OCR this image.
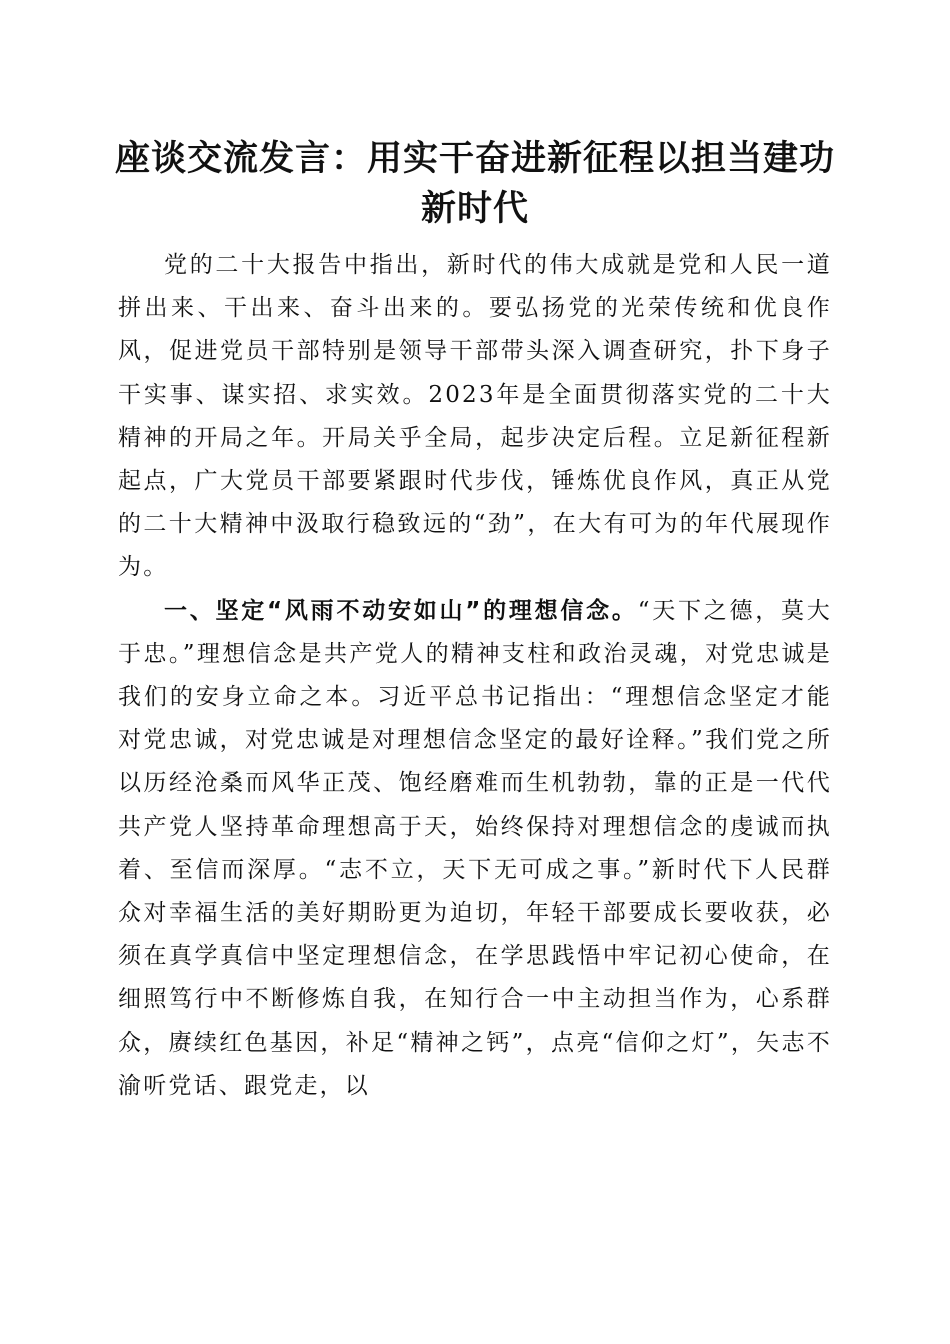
座谈交流发言：用实干奋进新征程以担当建功新时代

党的二十大报告中指出，新时代的伟大成就是党和人民一道拼出来、干出来、奋斗出来的。要弘扬党的光荣传统和优良作风，促进党员干部特别是领导干部带头深入调查研究，扑下身子干实事、谋实招、求实效。2023年是全面贯彻落实党的二十大精神的开局之年。开局关乎全局，起步决定后程。立足新征程新起点，广大党员干部要紧跟时代步伐，锤炼优良作风，真正从党的二十大精神中汲取行稳致远的“劲”，在大有可为的年代展现作为。

一、坚定“风雨不动安如山”的理想信念。“天下之德，莫大于忠。”理想信念是共产党人的精神支柱和政治灵魂，对党忠诚是我们的安身立命之本。习近平总书记指出：“理想信念坚定才能对党忠诚，对党忠诚是对理想信念坚定的最好诠释。”我们党之所以历经沧桑而风华正茂、饱经磨难而生机勃勃，靠的正是一代代共产党人坚持革命理想高于天，始终保持对理想信念的虔诚而执着、至信而深厚。“志不立，天下无可成之事。”新时代下人民群众对幸福生活的美好期盼更为迫切，年轻干部要成长要收获，必须在真学真信中坚定理想信念，在学思践悟中牢记初心使命，在细照笃行中不断修炼自我，在知行合一中主动担当作为，心系群众，赓续红色基因，补足“精神之钙”，点亮“信仰之灯”，矢志不渝听党话、跟党走，以
